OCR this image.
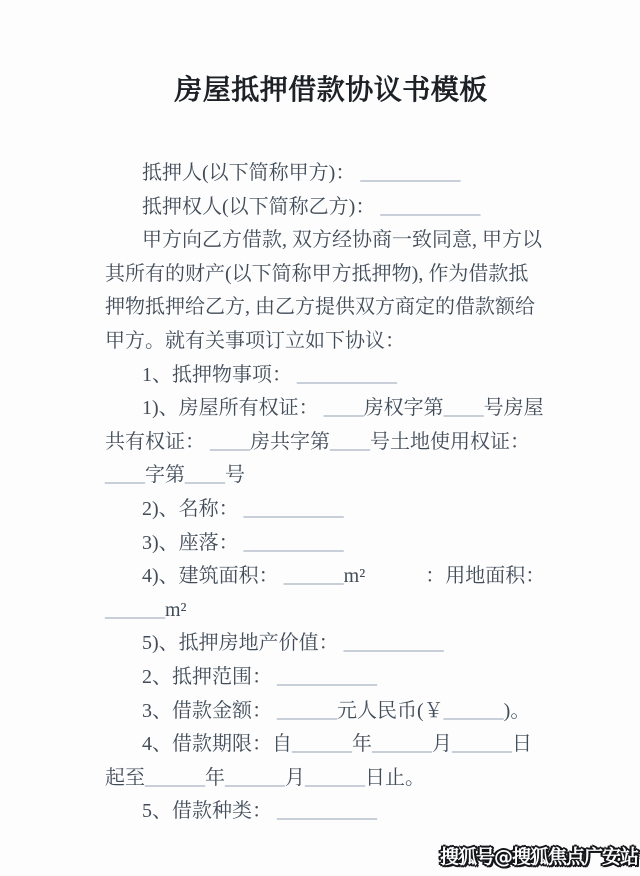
房屋抵押借款协议书模板
抵押人(以下简称甲方)： __________
抵押权人(以下简称乙方)： __________
甲方向乙方借款, 双方经协商一致同意, 甲方以
其所有的财产(以下简称甲方抵押物), 作为借款抵
押物抵押给乙方, 由乙方提供双方商定的借款额给
甲方。就有关事项订立如下协议：
1、抵押物事项： __________
1)、房屋所有权证： ____房权字第____号房屋
共有权证： ____房共字第____号土地使用权证：
____字第____号
2)、名称： __________
3)、座落： __________
4)、建筑面积： ______m²　　　：用地面积：
______m²
5)、抵押房地产价值： __________
2、抵押范围： __________
3、借款金额： ______元人民币(￥______)。
4、借款期限：自______年______月______日
起至______年______月______日止。
5、借款种类： __________
搜狐号@搜狐焦点广安站
